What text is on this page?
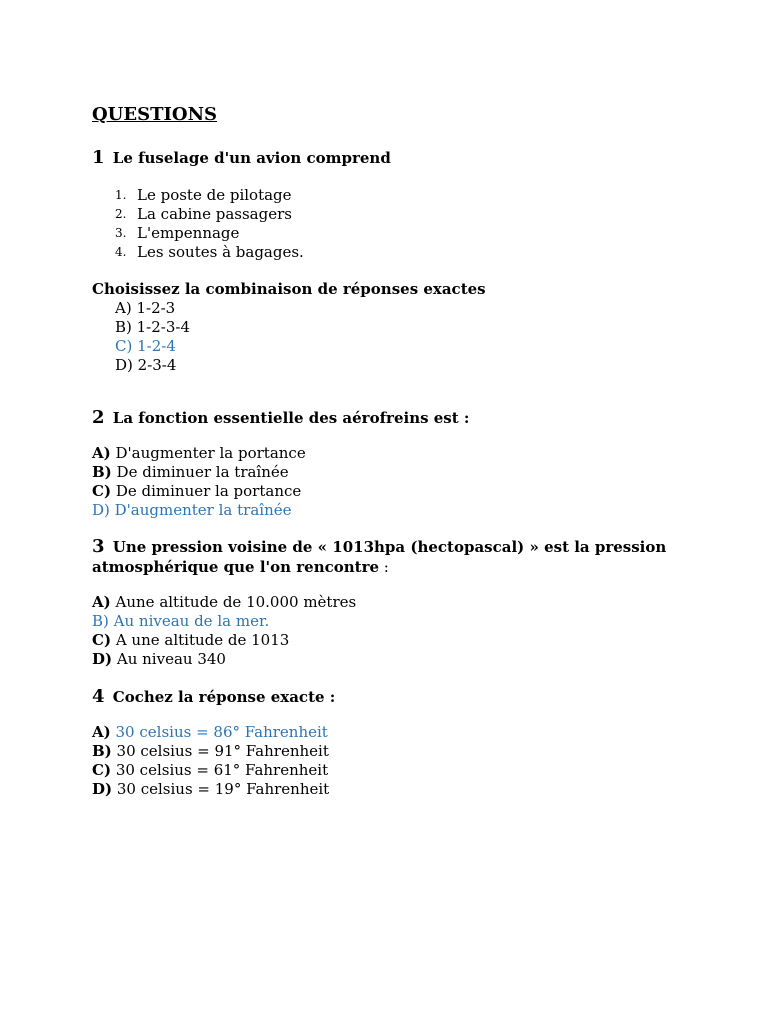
QUESTIONS

1 Le fuselage d'un avion comprend

1. Le poste de pilotage
2. La cabine passagers
3. L'empennage
4. Les soutes à bagages.

Choisissez la combinaison de réponses exactes

A) 1-2-3
B) 1-2-3-4
C) 1-2-4
D) 2-3-4

2 La fonction essentielle des aérofreins est :

A) D'augmenter la portance
B) De diminuer la traînée
C) De diminuer la portance
D) D'augmenter la traînée

3 Une pression voisine de « 1013hpa (hectopascal) » est la pression
atmosphérique que l'on rencontre :

A) Aune altitude de 10.000 mètres
B) Au niveau de la mer.
C) A une altitude de 1013
D) Au niveau 340

4 Cochez la réponse exacte :

A) 30 celsius = 86° Fahrenheit
B) 30 celsius = 91° Fahrenheit
C) 30 celsius = 61° Fahrenheit
D) 30 celsius = 19° Fahrenheit
